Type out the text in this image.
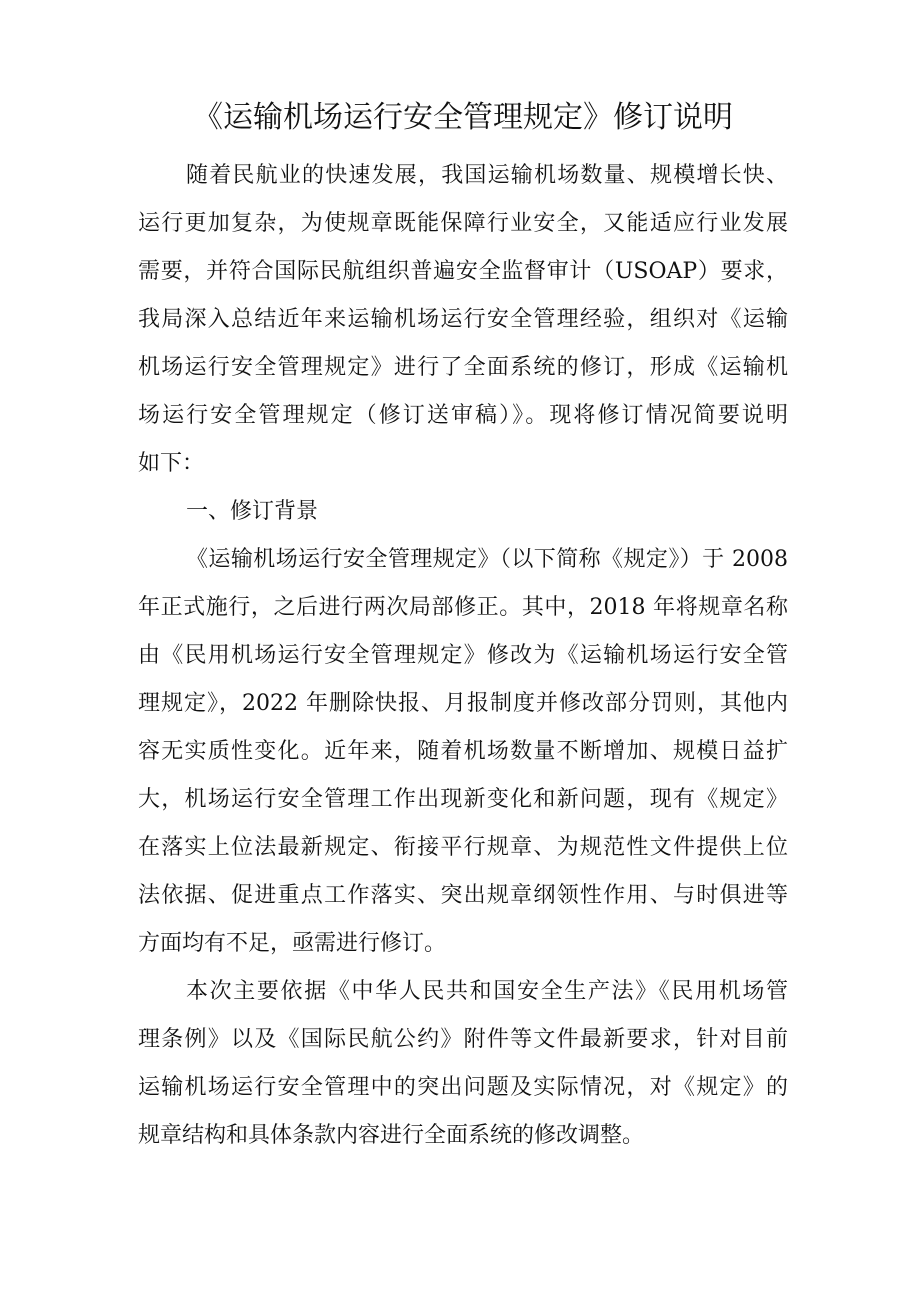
《运输机场运行安全管理规定》修订说明
随着民航业的快速发展，我国运输机场数量、规模增长快、
运行更加复杂，为使规章既能保障行业安全，又能适应行业发展
需要，并符合国际民航组织普遍安全监督审计（USOAP）要求，
我局深入总结近年来运输机场运行安全管理经验，组织对《运输
机场运行安全管理规定》进行了全面系统的修订，形成《运输机
场运行安全管理规定（修订送审稿）》。现将修订情况简要说明
如下：
一、修订背景
《运输机场运行安全管理规定》（以下简称《规定》）于 2008
年正式施行，之后进行两次局部修正。其中，2018 年将规章名称
由《民用机场运行安全管理规定》修改为《运输机场运行安全管
理规定》，2022 年删除快报、月报制度并修改部分罚则，其他内
容无实质性变化。近年来，随着机场数量不断增加、规模日益扩
大，机场运行安全管理工作出现新变化和新问题，现有《规定》
在落实上位法最新规定、衔接平行规章、为规范性文件提供上位
法依据、促进重点工作落实、突出规章纲领性作用、与时俱进等
方面均有不足，亟需进行修订。
本次主要依据《中华人民共和国安全生产法》《民用机场管
理条例》以及《国际民航公约》附件等文件最新要求，针对目前
运输机场运行安全管理中的突出问题及实际情况，对《规定》的
规章结构和具体条款内容进行全面系统的修改调整。
